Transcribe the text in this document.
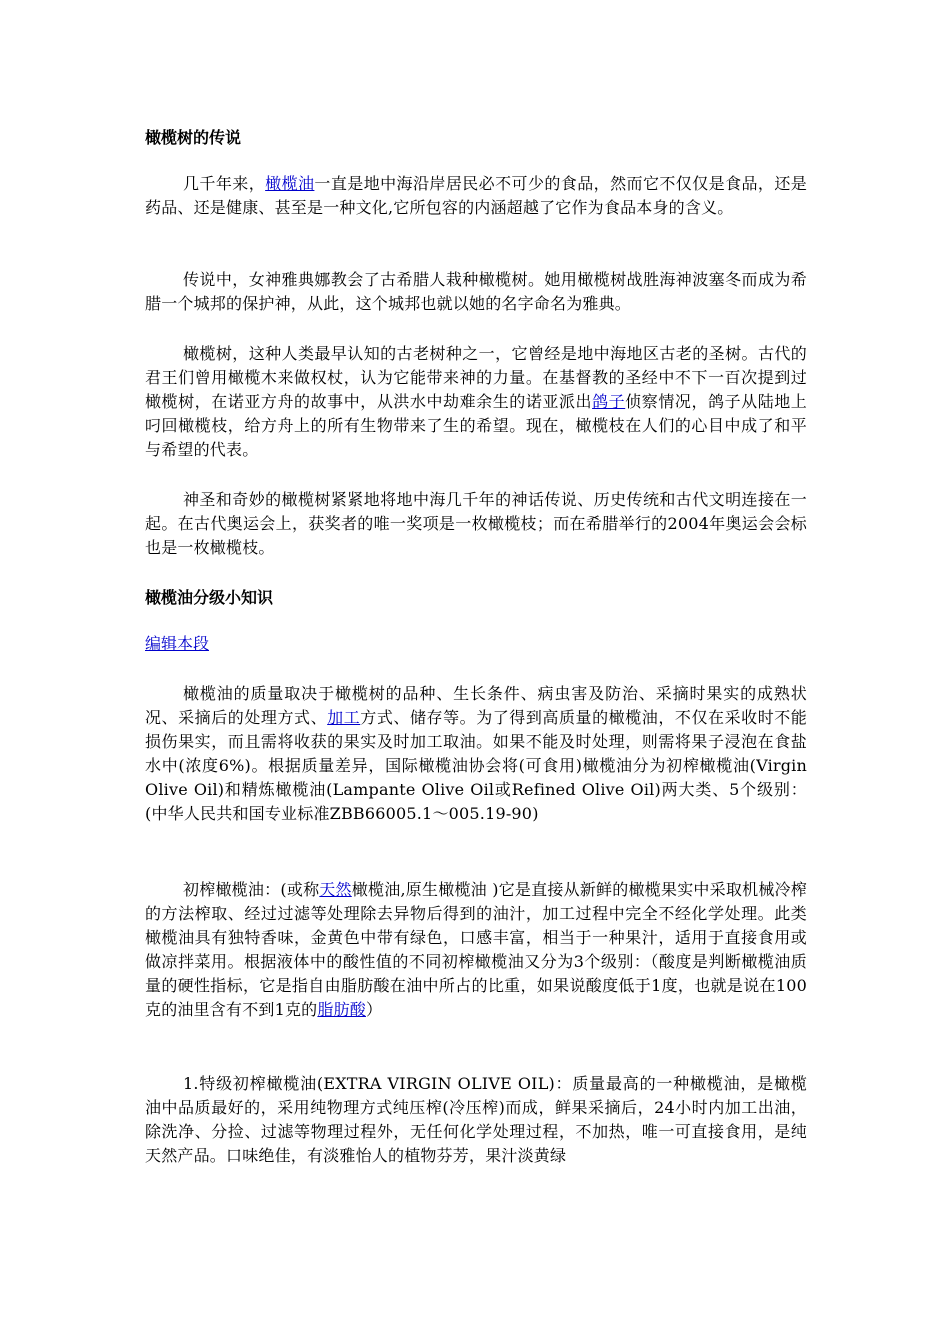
橄榄树的传说
几千年来，橄榄油一直是地中海沿岸居民必不可少的食品，然而它不仅仅是食品，还是药品、还是健康、甚至是一种文化,它所包容的内涵超越了它作为食品本身的含义。
传说中，女神雅典娜教会了古希腊人栽种橄榄树。她用橄榄树战胜海神波塞冬而成为希腊一个城邦的保护神，从此，这个城邦也就以她的名字命名为雅典。
橄榄树，这种人类最早认知的古老树种之一，它曾经是地中海地区古老的圣树。古代的君王们曾用橄榄木来做权杖，认为它能带来神的力量。在基督教的圣经中不下一百次提到过橄榄树，在诺亚方舟的故事中，从洪水中劫难余生的诺亚派出鸽子侦察情况，鸽子从陆地上叼回橄榄枝，给方舟上的所有生物带来了生的希望。现在，橄榄枝在人们的心目中成了和平与希望的代表。
神圣和奇妙的橄榄树紧紧地将地中海几千年的神话传说、历史传统和古代文明连接在一起。在古代奥运会上，获奖者的唯一奖项是一枚橄榄枝；而在希腊举行的2004年奥运会会标也是一枚橄榄枝。
橄榄油分级小知识
编辑本段
橄榄油的质量取决于橄榄树的品种、生长条件、病虫害及防治、采摘时果实的成熟状况、采摘后的处理方式、加工方式、储存等。为了得到高质量的橄榄油，不仅在采收时不能损伤果实，而且需将收获的果实及时加工取油。如果不能及时处理，则需将果子浸泡在食盐水中(浓度6%)。根据质量差异，国际橄榄油协会将(可食用)橄榄油分为初榨橄榄油(Virgin Olive Oil)和精炼橄榄油(Lampante Olive Oil或Refined Olive Oil)两大类、5个级别：(中华人民共和国专业标准ZBB66005.1～005.19-90)
初榨橄榄油：(或称天然橄榄油,原生橄榄油 )它是直接从新鲜的橄榄果实中采取机械冷榨的方法榨取、经过过滤等处理除去异物后得到的油汁，加工过程中完全不经化学处理。此类橄榄油具有独特香味，金黄色中带有绿色，口感丰富，相当于一种果汁，适用于直接食用或做凉拌菜用。根据液体中的酸性值的不同初榨橄榄油又分为3个级别：（酸度是判断橄榄油质量的硬性指标，它是指自由脂肪酸在油中所占的比重，如果说酸度低于1度，也就是说在100克的油里含有不到1克的脂肪酸）
1.特级初榨橄榄油(EXTRA VIRGIN OLIVE OIL)：质量最高的一种橄榄油，是橄榄油中品质最好的，采用纯物理方式纯压榨(冷压榨)而成，鲜果采摘后，24小时内加工出油，除洗净、分捡、过滤等物理过程外，无任何化学处理过程，不加热，唯一可直接食用，是纯天然产品。口味绝佳，有淡雅怡人的植物芬芳，果汁淡黄绿
